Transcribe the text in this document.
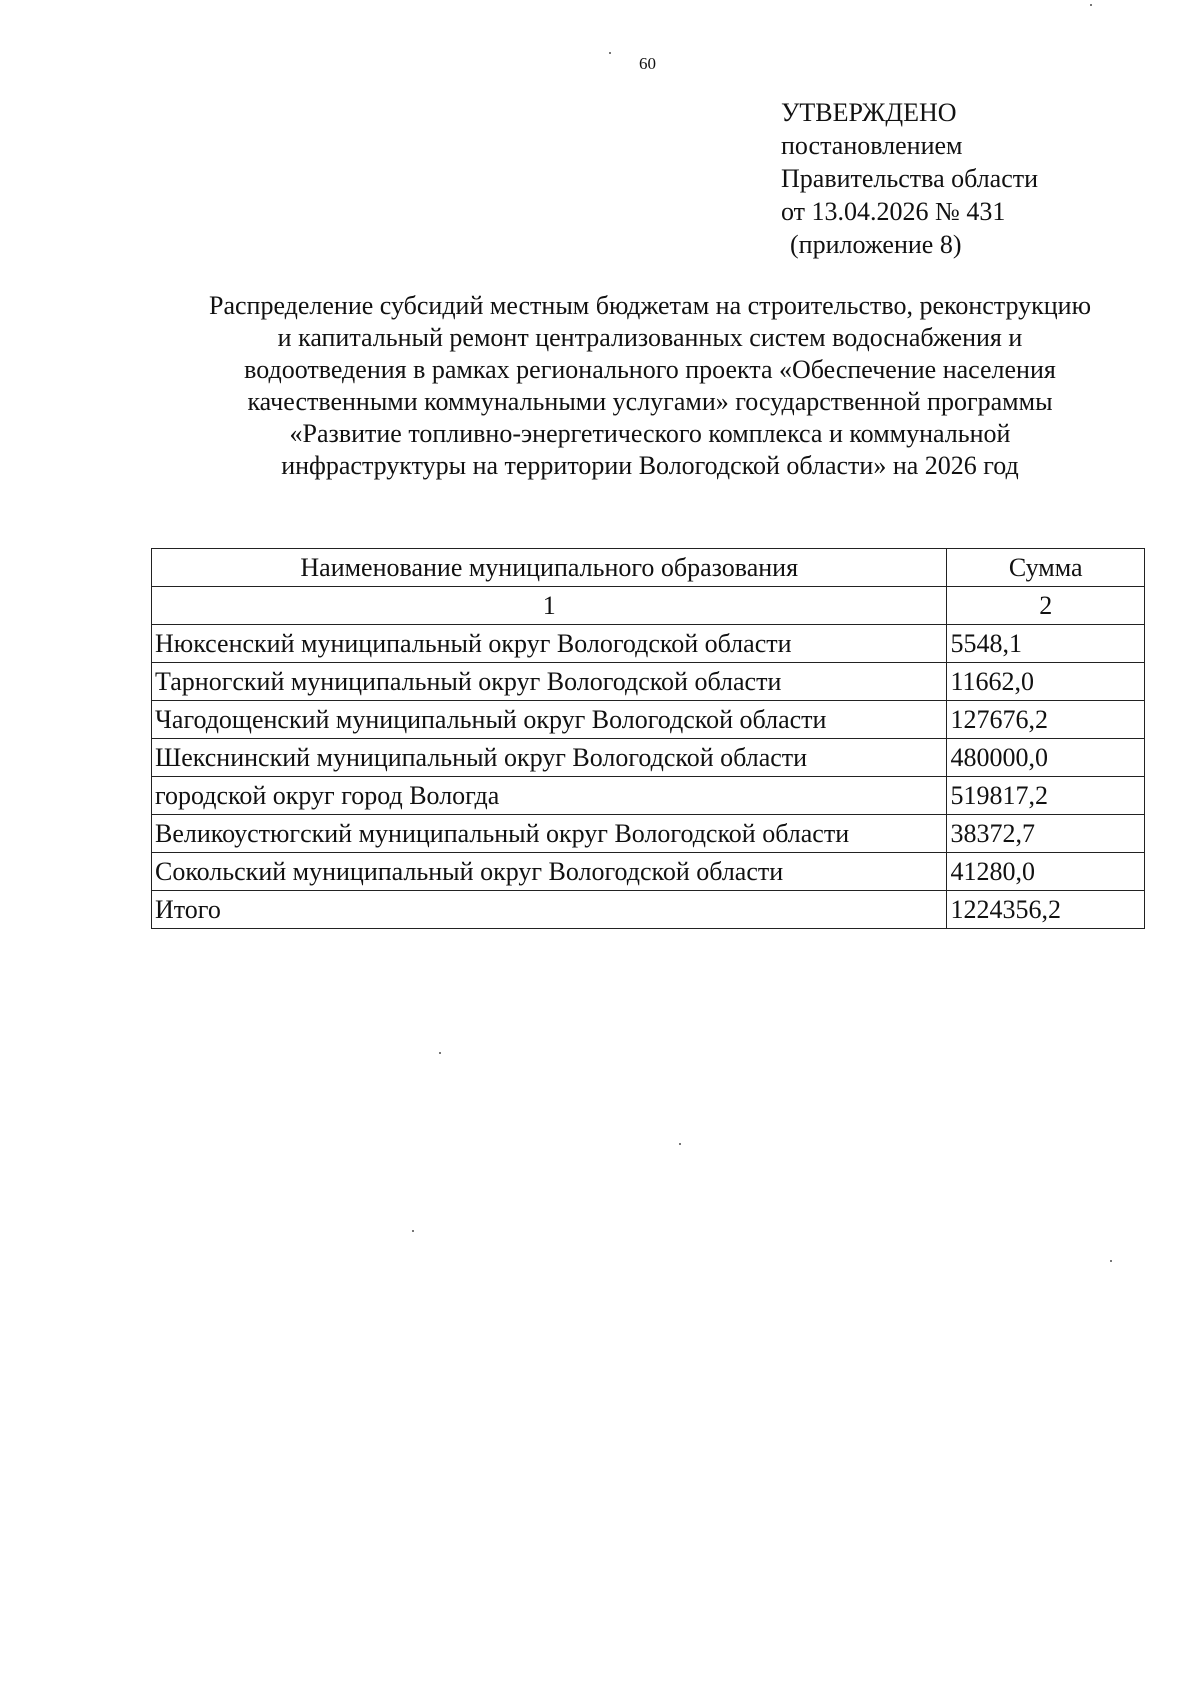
60
УТВЕРЖДЕНО
постановлением
Правительства области
от 13.04.2026 № 431
(приложение 8)
Распределение субсидий местным бюджетам на строительство, реконструкцию
и капитальный ремонт централизованных систем водоснабжения и
водоотведения в рамках регионального проекта «Обеспечение населения
качественными коммунальными услугами» государственной программы
«Развитие топливно-энергетического комплекса и коммунальной
инфраструктуры на территории Вологодской области» на 2026 год
Наименование муниципального образования	Сумма
1	2
Нюксенский муниципальный округ Вологодской области	5548,1
Тарногский муниципальный округ Вологодской области	11662,0
Чагодощенский муниципальный округ Вологодской области	127676,2
Шекснинский муниципальный округ Вологодской области	480000,0
городской округ город Вологда	519817,2
Великоустюгский муниципальный округ Вологодской области	38372,7
Сокольский муниципальный округ Вологодской области	41280,0
Итого	1224356,2
